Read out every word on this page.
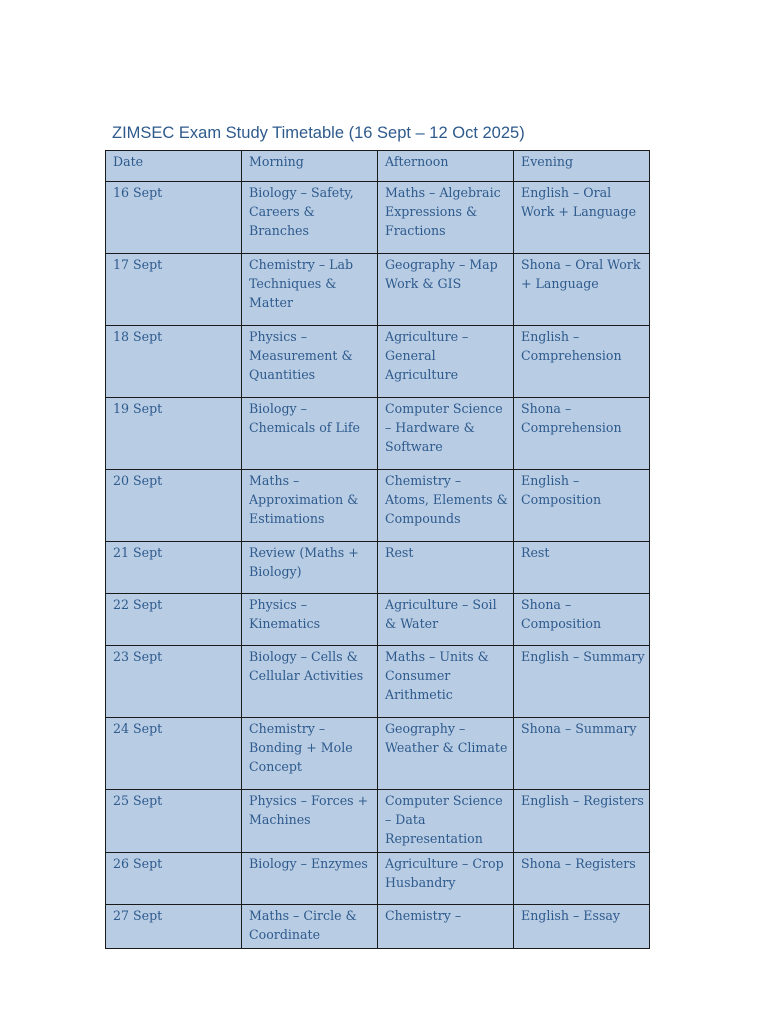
ZIMSEC Exam Study Timetable (16 Sept – 12 Oct 2025)
Date	Morning	Afternoon	Evening
16 Sept	Biology – Safety, Careers & Branches	Maths – Algebraic Expressions & Fractions	English – Oral Work + Language
17 Sept	Chemistry – Lab Techniques & Matter	Geography – Map Work & GIS	Shona – Oral Work + Language
18 Sept	Physics – Measurement & Quantities	Agriculture – General Agriculture	English – Comprehension
19 Sept	Biology – Chemicals of Life	Computer Science – Hardware & Software	Shona – Comprehension
20 Sept	Maths – Approximation & Estimations	Chemistry – Atoms, Elements & Compounds	English – Composition
21 Sept	Review (Maths + Biology)	Rest	Rest
22 Sept	Physics – Kinematics	Agriculture – Soil & Water	Shona – Composition
23 Sept	Biology – Cells & Cellular Activities	Maths – Units & Consumer Arithmetic	English – Summary
24 Sept	Chemistry – Bonding + Mole Concept	Geography – Weather & Climate	Shona – Summary
25 Sept	Physics – Forces + Machines	Computer Science – Data Representation	English – Registers
26 Sept	Biology – Enzymes	Agriculture – Crop Husbandry	Shona – Registers
27 Sept	Maths – Circle & Coordinate	Chemistry –	English – Essay
